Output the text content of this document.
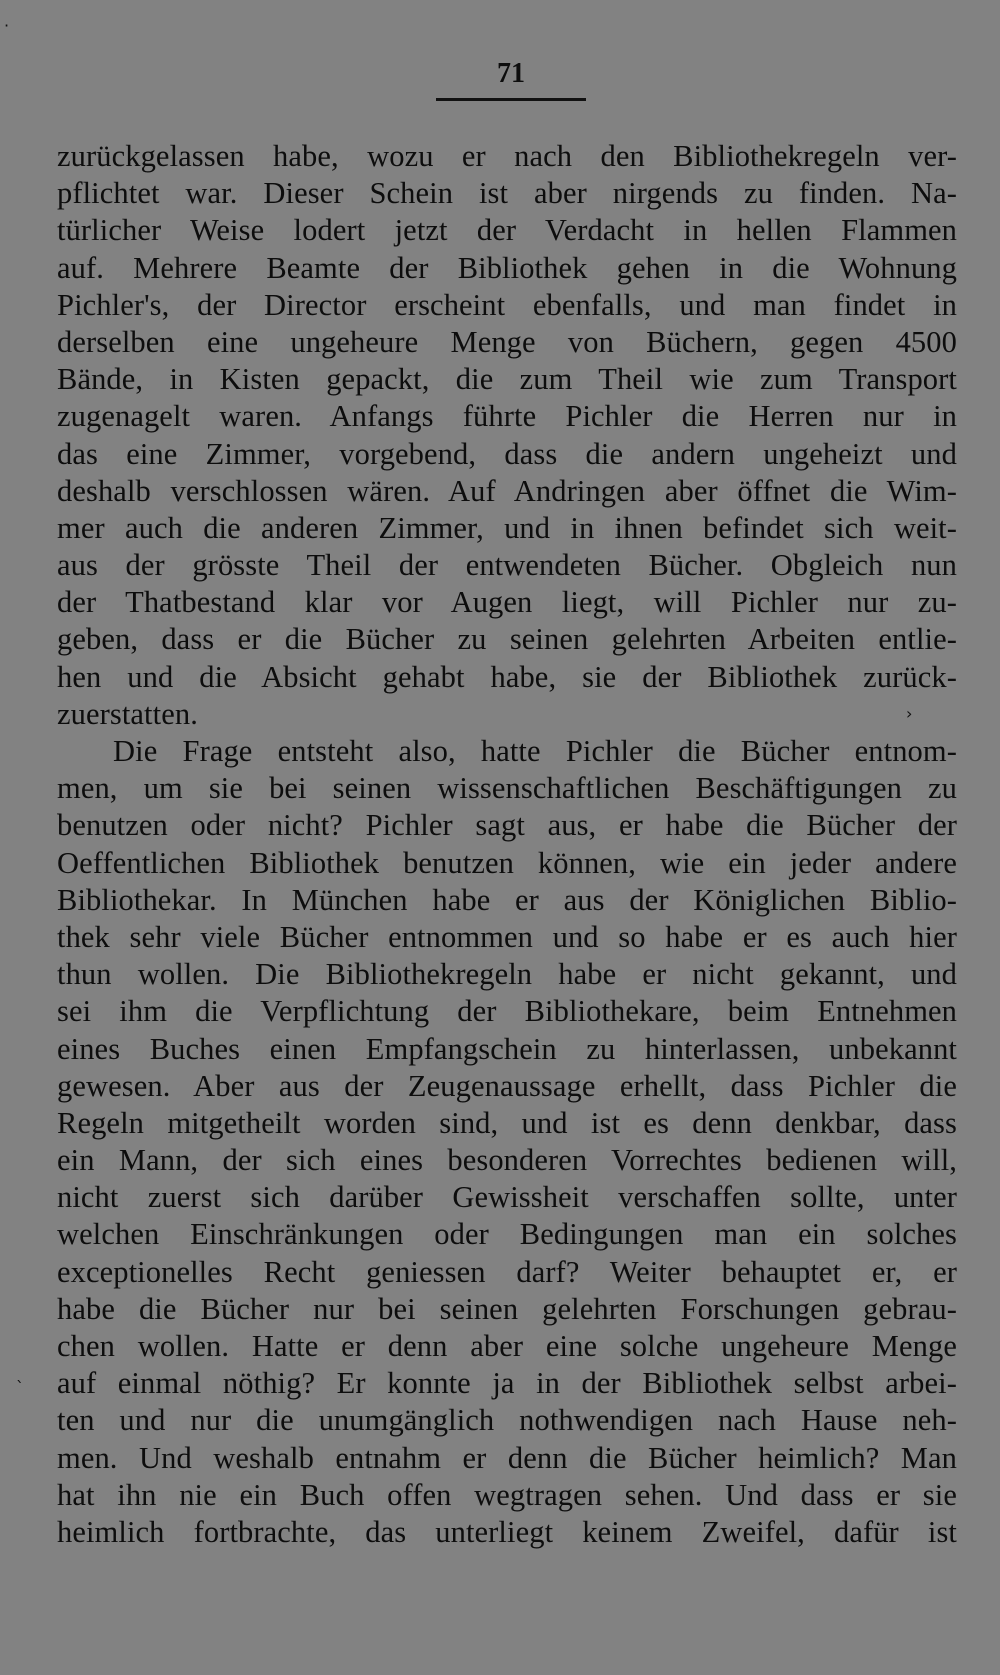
71
zurückgelassen habe, wozu er nach den Bibliothekregeln ver-
pflichtet war. Dieser Schein ist aber nirgends zu finden. Na-
türlicher Weise lodert jetzt der Verdacht in hellen Flammen
auf. Mehrere Beamte der Bibliothek gehen in die Wohnung
Pichler's, der Director erscheint ebenfalls, und man findet in
derselben eine ungeheure Menge von Büchern, gegen 4500
Bände, in Kisten gepackt, die zum Theil wie zum Transport
zugenagelt waren. Anfangs führte Pichler die Herren nur in
das eine Zimmer, vorgebend, dass die andern ungeheizt und
deshalb verschlossen wären. Auf Andringen aber öffnet die Wim-
mer auch die anderen Zimmer, und in ihnen befindet sich weit-
aus der grösste Theil der entwendeten Bücher. Obgleich nun
der Thatbestand klar vor Augen liegt, will Pichler nur zu-
geben, dass er die Bücher zu seinen gelehrten Arbeiten entlie-
hen und die Absicht gehabt habe, sie der Bibliothek zurück-
zuerstatten.
Die Frage entsteht also, hatte Pichler die Bücher entnom-
men, um sie bei seinen wissenschaftlichen Beschäftigungen zu
benutzen oder nicht? Pichler sagt aus, er habe die Bücher der
Oeffentlichen Bibliothek benutzen können, wie ein jeder andere
Bibliothekar. In München habe er aus der Königlichen Biblio-
thek sehr viele Bücher entnommen und so habe er es auch hier
thun wollen. Die Bibliothekregeln habe er nicht gekannt, und
sei ihm die Verpflichtung der Bibliothekare, beim Entnehmen
eines Buches einen Empfangschein zu hinterlassen, unbekannt
gewesen. Aber aus der Zeugenaussage erhellt, dass Pichler die
Regeln mitgetheilt worden sind, und ist es denn denkbar, dass
ein Mann, der sich eines besonderen Vorrechtes bedienen will,
nicht zuerst sich darüber Gewissheit verschaffen sollte, unter
welchen Einschränkungen oder Bedingungen man ein solches
exceptionelles Recht geniessen darf? Weiter behauptet er, er
habe die Bücher nur bei seinen gelehrten Forschungen gebrau-
chen wollen. Hatte er denn aber eine solche ungeheure Menge
auf einmal nöthig? Er konnte ja in der Bibliothek selbst arbei-
ten und nur die unumgänglich nothwendigen nach Hause neh-
men. Und weshalb entnahm er denn die Bücher heimlich? Man
hat ihn nie ein Buch offen wegtragen sehen. Und dass er sie
heimlich fortbrachte, das unterliegt keinem Zweifel, dafür ist
·
›
`
